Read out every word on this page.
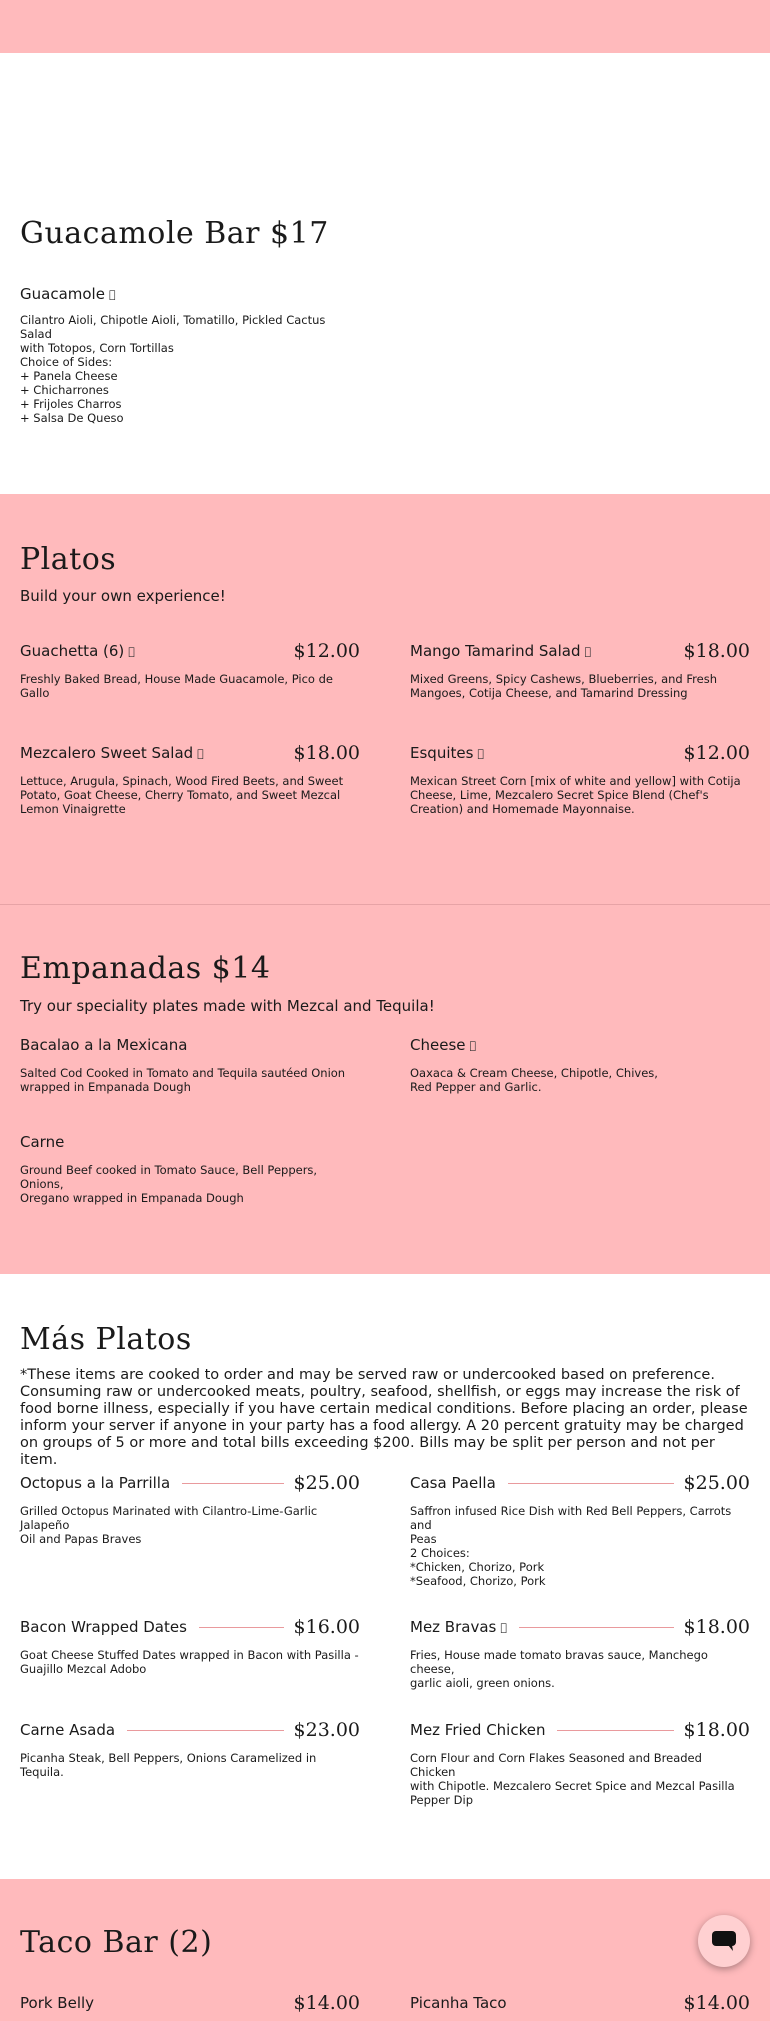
Guacamole Bar $17
Guacamole
Cilantro Aioli, Chipotle Aioli, Tomatillo, Pickled Cactus Salad
with Totopos, Corn Tortillas
Choice of Sides:
+ Panela Cheese
+ Chicharrones
+ Frijoles Charros
+ Salsa De Queso
Platos
Build your own experience!
Guachetta (6)	$12.00
Freshly Baked Bread, House Made Guacamole, Pico de Gallo
Mango Tamarind Salad	$18.00
Mixed Greens, Spicy Cashews, Blueberries, and Fresh
Mangoes, Cotija Cheese, and Tamarind Dressing
Mezcalero Sweet Salad	$18.00
Lettuce, Arugula, Spinach, Wood Fired Beets, and Sweet
Potato, Goat Cheese, Cherry Tomato, and Sweet Mezcal
Lemon Vinaigrette
Esquites	$12.00
Mexican Street Corn [mix of white and yellow] with Cotija
Cheese, Lime, Mezcalero Secret Spice Blend (Chef's
Creation) and Homemade Mayonnaise.
Empanadas $14
Try our speciality plates made with Mezcal and Tequila!
Bacalao a la Mexicana
Salted Cod Cooked in Tomato and Tequila sautéed Onion
wrapped in Empanada Dough
Cheese
Oaxaca & Cream Cheese, Chipotle, Chives,
Red Pepper and Garlic.
Carne
Ground Beef cooked in Tomato Sauce, Bell Peppers, Onions,
Oregano wrapped in Empanada Dough
Más Platos
*These items are cooked to order and may be served raw or undercooked based on preference. Consuming raw or undercooked meats, poultry, seafood, shellfish, or eggs may increase the risk of food borne illness, especially if you have certain medical conditions. Before placing an order, please inform your server if anyone in your party has a food allergy. A 20 percent gratuity may be charged on groups of 5 or more and total bills exceeding $200. Bills may be split per person and not per item.
Octopus a la Parrilla	$25.00
Grilled Octopus Marinated with Cilantro-Lime-Garlic Jalapeño
Oil and Papas Braves
Casa Paella	$25.00
Saffron infused Rice Dish with Red Bell Peppers, Carrots and
Peas
2 Choices:
*Chicken, Chorizo, Pork
*Seafood, Chorizo, Pork
Bacon Wrapped Dates	$16.00
Goat Cheese Stuffed Dates wrapped in Bacon with Pasilla -
Guajillo Mezcal Adobo
Mez Bravas	$18.00
Fries, House made tomato bravas sauce, Manchego cheese,
garlic aioli, green onions.
Carne Asada	$23.00
Picanha Steak, Bell Peppers, Onions Caramelized in Tequila.
Mez Fried Chicken	$18.00
Corn Flour and Corn Flakes Seasoned and Breaded Chicken
with Chipotle. Mezcalero Secret Spice and Mezcal Pasilla
Pepper Dip
Taco Bar (2)
Pork Belly	$14.00	Picanha Taco	$14.00
